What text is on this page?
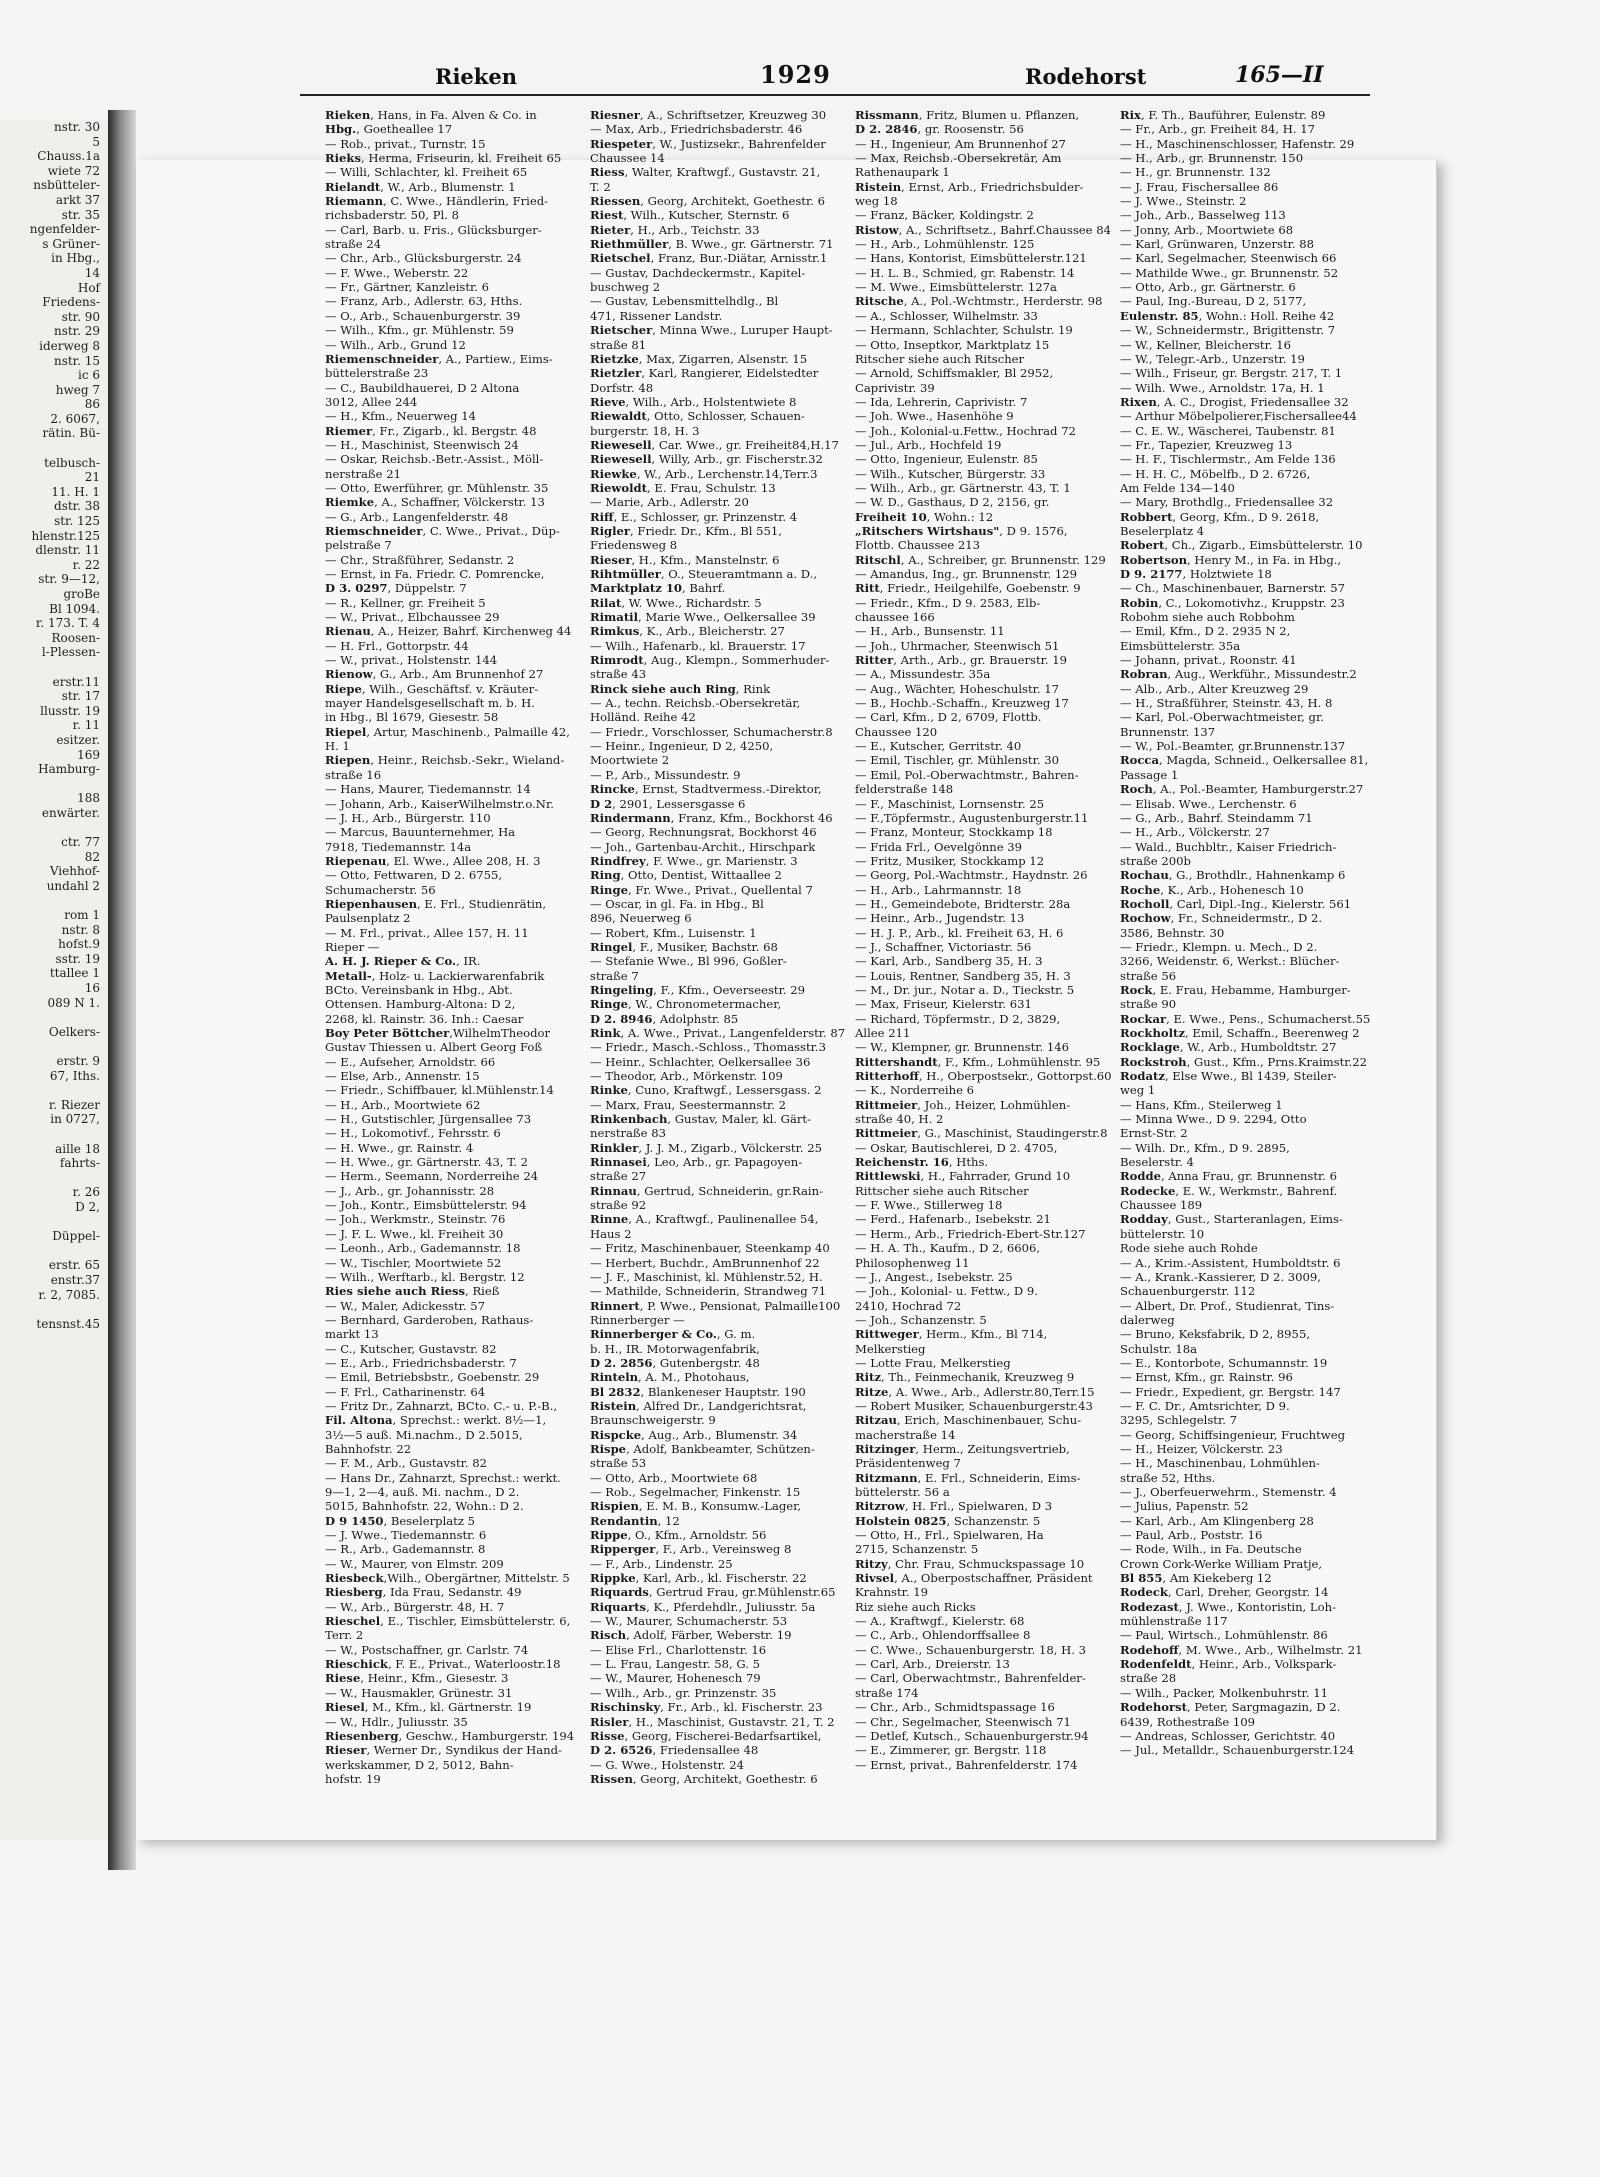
nstr. 30
5
Chauss.1a
wiete 72
nsbütteler-
arkt 37
str. 35
ngenfelder-
s Grüner-
in Hbg.,
14
Hof
Friedens-
str. 90
nstr. 29
iderweg 8
nstr. 15
ic 6
hweg 7
86
2. 6067,
rätin. Bü-

telbusch-
21
11. H. 1
dstr. 38
str. 125
hlenstr.125
dlenstr. 11
r. 22
str. 9—12,
groBe
Bl 1094.
r. 173. T. 4
Roosen-
l-Plessen-

erstr.11
str. 17
llusstr. 19
r. 11
esitzer.
169
Hamburg-

188
enwärter.

ctr. 77
82
Viehhof-
undahl 2

rom 1
nstr. 8
hofst.9
sstr. 19
ttallee 1
16
089 N 1.

Oelkers-

erstr. 9
67, Iths.

r. Riezer
in 0727,

aille 18
fahrts-

r. 26
D 2,

Düppel-

erstr. 65
enstr.37
r. 2, 7085.

tensnst.45
Rieken	1929	Rodehorst	165—II
Rieken, Hans, in Fa. Alven & Co. in
Hbg., Goetheallee 17
— Rob., privat., Turnstr. 15
Rieks, Herma, Friseurin, kl. Freiheit 65
— Willi, Schlachter, kl. Freiheit 65
Rielandt, W., Arb., Blumenstr. 1
Riemann, C. Wwe., Händlerin, Fried-
richsbaderstr. 50, Pl. 8
— Carl, Barb. u. Fris., Glücksburger-
straße 24
— Chr., Arb., Glücksburgerstr. 24
— F. Wwe., Weberstr. 22
— Fr., Gärtner, Kanzleistr. 6
— Franz, Arb., Adlerstr. 63, Hths.
— O., Arb., Schauenburgerstr. 39
— Wilh., Kfm., gr. Mühlenstr. 59
— Wilh., Arb., Grund 12
Riemenschneider, A., Partiew., Eims-
büttelerstraße 23
— C., Baubildhauerei, D 2 Altona
3012, Allee 244
— H., Kfm., Neuerweg 14
Riemer, Fr., Zigarb., kl. Bergstr. 48
— H., Maschinist, Steenwisch 24
— Oskar, Reichsb.-Betr.-Assist., Möll-
nerstraße 21
— Otto, Ewerführer, gr. Mühlenstr. 35
Riemke, A., Schaffner, Völckerstr. 13
— G., Arb., Langenfelderstr. 48
Riemschneider, C. Wwe., Privat., Düp-
pelstraße 7
— Chr., Straßführer, Sedanstr. 2
— Ernst, in Fa. Friedr. C. Pomrencke,
D 3. 0297, Düppelstr. 7
— R., Kellner, gr. Freiheit 5
— W., Privat., Elbchaussee 29
Rienau, A., Heizer, Bahrf. Kirchenweg 44
— H. Frl., Gottorpstr. 44
— W., privat., Holstenstr. 144
Rienow, G., Arb., Am Brunnenhof 27
Riepe, Wilh., Geschäftsf. v. Kräuter-
mayer Handelsgesellschaft m. b. H.
in Hbg., Bl 1679, Giesestr. 58
Riepel, Artur, Maschinenb., Palmaille 42,
H. 1
Riepen, Heinr., Reichsb.-Sekr., Wieland-
straße 16
— Hans, Maurer, Tiedemannstr. 14
— Johann, Arb., KaiserWilhelmstr.o.Nr.
— J. H., Arb., Bürgerstr. 110
— Marcus, Bauunternehmer, Ha
7918, Tiedemannstr. 14a
Riepenau, El. Wwe., Allee 208, H. 3
— Otto, Fettwaren, D 2. 6755,
Schumacherstr. 56
Riepenhausen, E. Frl., Studienrätin,
Paulsenplatz 2
— M. Frl., privat., Allee 157, H. 11
Rieper —
A. H. J. Rieper & Co., IR.
Metall-, Holz- u. Lackierwarenfabrik
BCto. Vereinsbank in Hbg., Abt.
Ottensen. Hamburg-Altona: D 2,
2268, kl. Rainstr. 36. Inh.: Caesar
Boy Peter Böttcher,WilhelmTheodor
Gustav Thiessen u. Albert Georg Foß
— E., Aufseher, Arnoldstr. 66
— Else, Arb., Annenstr. 15
— Friedr., Schiffbauer, kl.Mühlenstr.14
— H., Arb., Moortwiete 62
— H., Gutstischler, Jürgensallee 73
— H., Lokomotivf., Fehrsstr. 6
— H. Wwe., gr. Rainstr. 4
— H. Wwe., gr. Gärtnerstr. 43, T. 2
— Herm., Seemann, Norderreihe 24
— J., Arb., gr. Johannisstr. 28
— Joh., Kontr., Eimsbüttelerstr. 94
— Joh., Werkmstr., Steinstr. 76
— J. F. L. Wwe., kl. Freiheit 30
— Leonh., Arb., Gademannstr. 18
— W., Tischler, Moortwiete 52
— Wilh., Werftarb., kl. Bergstr. 12
Ries siehe auch Riess, Rieß
— W., Maler, Adickesstr. 57
— Bernhard, Garderoben, Rathaus-
markt 13
— C., Kutscher, Gustavstr. 82
— E., Arb., Friedrichsbaderstr. 7
— Emil, Betriebsbstr., Goebenstr. 29
— F. Frl., Catharinenstr. 64
— Fritz Dr., Zahnarzt, BCto. C.- u. P.-B.,
Fil. Altona, Sprechst.: werkt. 8½—1,
3½—5 auß. Mi.nachm., D 2.5015,
Bahnhofstr. 22
— F. M., Arb., Gustavstr. 82
— Hans Dr., Zahnarzt, Sprechst.: werkt.
9—1, 2—4, auß. Mi. nachm., D 2.
5015, Bahnhofstr. 22, Wohn.: D 2.
D 9 1450, Beselerplatz 5
— J. Wwe., Tiedemannstr. 6
— R., Arb., Gademannstr. 8
— W., Maurer, von Elmstr. 209
Riesbeck,Wilh., Obergärtner, Mittelstr. 5
Riesberg, Ida Frau, Sedanstr. 49
— W., Arb., Bürgerstr. 48, H. 7
Rieschel, E., Tischler, Eimsbüttelerstr. 6,
Terr. 2
— W., Postschaffner, gr. Carlstr. 74
Rieschick, F. E., Privat., Waterloostr.18
Riese, Heinr., Kfm., Giesestr. 3
— W., Hausmakler, Grünestr. 31
Riesel, M., Kfm., kl. Gärtnerstr. 19
— W., Hdlr., Juliusstr. 35
Riesenberg, Geschw., Hamburgerstr. 194
Rieser, Werner Dr., Syndikus der Hand-
werkskammer, D 2, 5012, Bahn-
hofstr. 19
Riesner, A., Schriftsetzer, Kreuzweg 30
— Max, Arb., Friedrichsbaderstr. 46
Riespeter, W., Justizsekr., Bahrenfelder
Chaussee 14
Riess, Walter, Kraftwgf., Gustavstr. 21,
T. 2
Riessen, Georg, Architekt, Goethestr. 6
Riest, Wilh., Kutscher, Sternstr. 6
Rieter, H., Arb., Teichstr. 33
Riethmüller, B. Wwe., gr. Gärtnerstr. 71
Rietschel, Franz, Bur.-Diätar, Arnisstr.1
— Gustav, Dachdeckermstr., Kapitel-
buschweg 2
— Gustav, Lebensmittelhdlg., Bl
471, Rissener Landstr.
Rietscher, Minna Wwe., Luruper Haupt-
straße 81
Rietzke, Max, Zigarren, Alsenstr. 15
Rietzler, Karl, Rangierer, Eidelstedter
Dorfstr. 48
Rieve, Wilh., Arb., Holstentwiete 8
Riewaldt, Otto, Schlosser, Schauen-
burgerstr. 18, H. 3
Riewesell, Car. Wwe., gr. Freiheit84,H.17
Riewesell, Willy, Arb., gr. Fischerstr.32
Riewke, W., Arb., Lerchenstr.14,Terr.3
Riewoldt, E. Frau, Schulstr. 13
— Marie, Arb., Adlerstr. 20
Riff, E., Schlosser, gr. Prinzenstr. 4
Rigler, Friedr. Dr., Kfm., Bl 551,
Friedensweg 8
Rieser, H., Kfm., Manstelnstr. 6
Rihtmüller, O., Steueramtmann a. D.,
Marktplatz 10, Bahrf.
Rilat, W. Wwe., Richardstr. 5
Rimatil, Marie Wwe., Oelkersallee 39
Rimkus, K., Arb., Bleicherstr. 27
— Wilh., Hafenarb., kl. Brauerstr. 17
Rimrodt, Aug., Klempn., Sommerhuder-
straße 43
Rinck siehe auch Ring, Rink
— A., techn. Reichsb.-Obersekretär,
Holländ. Reihe 42
— Friedr., Vorschlosser, Schumacherstr.8
— Heinr., Ingenieur, D 2, 4250,
Moortwiete 2
— P., Arb., Missundestr. 9
Rincke, Ernst, Stadtvermess.-Direktor,
D 2, 2901, Lessersgasse 6
Rindermann, Franz, Kfm., Bockhorst 46
— Georg, Rechnungsrat, Bockhorst 46
— Joh., Gartenbau-Archit., Hirschpark
Rindfrey, F. Wwe., gr. Marienstr. 3
Ring, Otto, Dentist, Wittaallee 2
Ringe, Fr. Wwe., Privat., Quellental 7
— Oscar, in gl. Fa. in Hbg., Bl
896, Neuerweg 6
— Robert, Kfm., Luisenstr. 1
Ringel, F., Musiker, Bachstr. 68
— Stefanie Wwe., Bl 996, Goßler-
straße 7
Ringeling, F., Kfm., Oeverseestr. 29
Ringe, W., Chronometermacher,
D 2. 8946, Adolphstr. 85
Rink, A. Wwe., Privat., Langenfelderstr. 87
— Friedr., Masch.-Schloss., Thomasstr.3
— Heinr., Schlachter, Oelkersallee 36
— Theodor, Arb., Mörkenstr. 109
Rinke, Cuno, Kraftwgf., Lessersgass. 2
— Marx, Frau, Seestermannstr. 2
Rinkenbach, Gustav, Maler, kl. Gärt-
nerstraße 83
Rinkler, J. J. M., Zigarb., Völckerstr. 25
Rinnasei, Leo, Arb., gr. Papagoyen-
straße 27
Rinnau, Gertrud, Schneiderin, gr.Rain-
straße 92
Rinne, A., Kraftwgf., Paulinenallee 54,
Haus 2
— Fritz, Maschinenbauer, Steenkamp 40
— Herbert, Buchdr., AmBrunnenhof 22
— J. F., Maschinist, kl. Mühlenstr.52, H.
— Mathilde, Schneiderin, Strandweg 71
Rinnert, P. Wwe., Pensionat, Palmaille100
Rinnerberger —
Rinnerberger & Co., G. m.
b. H., IR. Motorwagenfabrik,
D 2. 2856, Gutenbergstr. 48
Rinteln, A. M., Photohaus,
Bl 2832, Blankeneser Hauptstr. 190
Ristein, Alfred Dr., Landgerichtsrat,
Braunschweigerstr. 9
Rispcke, Aug., Arb., Blumenstr. 34
Rispe, Adolf, Bankbeamter, Schützen-
straße 53
— Otto, Arb., Moortwiete 68
— Rob., Segelmacher, Finkenstr. 15
Rispien, E. M. B., Konsumw.-Lager,
Rendantin, 12
Rippe, O., Kfm., Arnoldstr. 56
Ripperger, F., Arb., Vereinsweg 8
— F., Arb., Lindenstr. 25
Rippke, Karl, Arb., kl. Fischerstr. 22
Riquards, Gertrud Frau, gr.Mühlenstr.65
Riquarts, K., Pferdehdlr., Juliusstr. 5a
— W., Maurer, Schumacherstr. 53
Risch, Adolf, Färber, Weberstr. 19
— Elise Frl., Charlottenstr. 16
— L. Frau, Langestr. 58, G. 5
— W., Maurer, Hohenesch 79
— Wilh., Arb., gr. Prinzenstr. 35
Rischinsky, Fr., Arb., kl. Fischerstr. 23
Risler, H., Maschinist, Gustavstr. 21, T. 2
Risse, Georg, Fischerei-Bedarfsartikel,
D 2. 6526, Friedensallee 48
— G. Wwe., Holstenstr. 24
Rissen, Georg, Architekt, Goethestr. 6
Rissmann, Fritz, Blumen u. Pflanzen,
D 2. 2846, gr. Roosenstr. 56
— H., Ingenieur, Am Brunnenhof 27
— Max, Reichsb.-Obersekretär, Am
Rathenaupark 1
Ristein, Ernst, Arb., Friedrichsbulder-
weg 18
— Franz, Bäcker, Koldingstr. 2
Ristow, A., Schriftsetz., Bahrf.Chaussee 84
— H., Arb., Lohmühlenstr. 125
— Hans, Kontorist, Eimsbüttelerstr.121
— H. L. B., Schmied, gr. Rabenstr. 14
— M. Wwe., Eimsbüttelerstr. 127a
Ritsche, A., Pol.-Wchtmstr., Herderstr. 98
— A., Schlosser, Wilhelmstr. 33
— Hermann, Schlachter, Schulstr. 19
— Otto, Inseptkor, Marktplatz 15
Ritscher siehe auch Ritscher
— Arnold, Schiffsmakler, Bl 2952,
Caprivistr. 39
— Ida, Lehrerin, Caprivistr. 7
— Joh. Wwe., Hasenhöhe 9
— Joh., Kolonial-u.Fettw., Hochrad 72
— Jul., Arb., Hochfeld 19
— Otto, Ingenieur, Eulenstr. 85
— Wilh., Kutscher, Bürgerstr. 33
— Wilh., Arb., gr. Gärtnerstr. 43, T. 1
— W. D., Gasthaus, D 2, 2156, gr.
Freiheit 10, Wohn.: 12
„Ritschers Wirtshaus", D 9. 1576,
Flottb. Chaussee 213
Ritschl, A., Schreiber, gr. Brunnenstr. 129
— Amandus, Ing., gr. Brunnenstr. 129
Ritt, Friedr., Heilgehilfe, Goebenstr. 9
— Friedr., Kfm., D 9. 2583, Elb-
chaussee 166
— H., Arb., Bunsenstr. 11
— Joh., Uhrmacher, Steenwisch 51
Ritter, Arth., Arb., gr. Brauerstr. 19
— A., Missundestr. 35a
— Aug., Wächter, Hoheschulstr. 17
— B., Hochb.-Schaffn., Kreuzweg 17
— Carl, Kfm., D 2, 6709, Flottb.
Chaussee 120
— E., Kutscher, Gerritstr. 40
— Emil, Tischler, gr. Mühlenstr. 30
— Emil, Pol.-Oberwachtmstr., Bahren-
felderstraße 148
— F., Maschinist, Lornsenstr. 25
— F.,Töpfermstr., Augustenburgerstr.11
— Franz, Monteur, Stockkamp 18
— Frida Frl., Oevelgönne 39
— Fritz, Musiker, Stockkamp 12
— Georg, Pol.-Wachtmstr., Haydnstr. 26
— H., Arb., Lahrmannstr. 18
— H., Gemeindebote, Bridterstr. 28a
— Heinr., Arb., Jugendstr. 13
— H. J. P., Arb., kl. Freiheit 63, H. 6
— J., Schaffner, Victoriastr. 56
— Karl, Arb., Sandberg 35, H. 3
— Louis, Rentner, Sandberg 35, H. 3
— M., Dr. jur., Notar a. D., Tieckstr. 5
— Max, Friseur, Kielerstr. 631
— Richard, Töpfermstr., D 2, 3829,
Allee 211
— W., Klempner, gr. Brunnenstr. 146
Rittershandt, F., Kfm., Lohmühlenstr. 95
Ritterhoff, H., Oberpostsekr., Gottorpst.60
— K., Norderreihe 6
Rittmeier, Joh., Heizer, Lohmühlen-
straße 40, H. 2
Rittmeier, G., Maschinist, Staudingerstr.8
— Oskar, Bautischlerei, D 2. 4705,
Reichenstr. 16, Hths.
Rittlewski, H., Fahrrader, Grund 10
Rittscher siehe auch Ritscher
— F. Wwe., Stillerweg 18
— Ferd., Hafenarb., Isebekstr. 21
— Herm., Arb., Friedrich-Ebert-Str.127
— H. A. Th., Kaufm., D 2, 6606,
Philosophenweg 11
— J., Angest., Isebekstr. 25
— Joh., Kolonial- u. Fettw., D 9.
2410, Hochrad 72
— Joh., Schanzenstr. 5
Rittweger, Herm., Kfm., Bl 714,
Melkerstieg
— Lotte Frau, Melkerstieg
Ritz, Th., Feinmechanik, Kreuzweg 9
Ritze, A. Wwe., Arb., Adlerstr.80,Terr.15
— Robert Musiker, Schauenburgerstr.43
Ritzau, Erich, Maschinenbauer, Schu-
macherstraße 14
Ritzinger, Herm., Zeitungsvertrieb,
Präsidentenweg 7
Ritzmann, E. Frl., Schneiderin, Eims-
büttelerstr. 56 a
Ritzrow, H. Frl., Spielwaren, D 3
Holstein 0825, Schanzenstr. 5
— Otto, H., Frl., Spielwaren, Ha
2715, Schanzenstr. 5
Ritzy, Chr. Frau, Schmuckspassage 10
Rivsel, A., Oberpostschaffner, Präsident
Krahnstr. 19
Riz siehe auch Ricks
— A., Kraftwgf., Kielerstr. 68
— C., Arb., Ohlendorffsallee 8
— C. Wwe., Schauenburgerstr. 18, H. 3
— Carl, Arb., Dreierstr. 13
— Carl, Oberwachtmstr., Bahrenfelder-
straße 174
— Chr., Arb., Schmidtspassage 16
— Chr., Segelmacher, Steenwisch 71
— Detlef, Kutsch., Schauenburgerstr.94
— E., Zimmerer, gr. Bergstr. 118
— Ernst, privat., Bahrenfelderstr. 174
Rix, F. Th., Bauführer, Eulenstr. 89
— Fr., Arb., gr. Freiheit 84, H. 17
— H., Maschinenschlosser, Hafenstr. 29
— H., Arb., gr. Brunnenstr. 150
— H., gr. Brunnenstr. 132
— J. Frau, Fischersallee 86
— J. Wwe., Steinstr. 2
— Joh., Arb., Basselweg 113
— Jonny, Arb., Moortwiete 68
— Karl, Grünwaren, Unzerstr. 88
— Karl, Segelmacher, Steenwisch 66
— Mathilde Wwe., gr. Brunnenstr. 52
— Otto, Arb., gr. Gärtnerstr. 6
— Paul, Ing.-Bureau, D 2, 5177,
Eulenstr. 85, Wohn.: Holl. Reihe 42
— W., Schneidermstr., Brigittenstr. 7
— W., Kellner, Bleicherstr. 16
— W., Telegr.-Arb., Unzerstr. 19
— Wilh., Friseur, gr. Bergstr. 217, T. 1
— Wilh. Wwe., Arnoldstr. 17a, H. 1
Rixen, A. C., Drogist, Friedensallee 32
— Arthur Möbelpolierer,Fischersallee44
— C. E. W., Wäscherei, Taubenstr. 81
— Fr., Tapezier, Kreuzweg 13
— H. F., Tischlermstr., Am Felde 136
— H. H. C., Möbelfb., D 2. 6726,
Am Felde 134—140
— Mary, Brothdlg., Friedensallee 32
Robbert, Georg, Kfm., D 9. 2618,
Beselerplatz 4
Robert, Ch., Zigarb., Eimsbüttelerstr. 10
Robertson, Henry M., in Fa. in Hbg.,
D 9. 2177, Holztwiete 18
— Ch., Maschinenbauer, Barnerstr. 57
Robin, C., Lokomotivhz., Kruppstr. 23
Robohm siehe auch Robbohm
— Emil, Kfm., D 2. 2935 N 2,
Eimsbüttelerstr. 35a
— Johann, privat., Roonstr. 41
Robran, Aug., Werkführ., Missundestr.2
— Alb., Arb., Alter Kreuzweg 29
— H., Straßführer, Steinstr. 43, H. 8
— Karl, Pol.-Oberwachtmeister, gr.
Brunnenstr. 137
— W., Pol.-Beamter, gr.Brunnenstr.137
Rocca, Magda, Schneid., Oelkersallee 81,
Passage 1
Roch, A., Pol.-Beamter, Hamburgerstr.27
— Elisab. Wwe., Lerchenstr. 6
— G., Arb., Bahrf. Steindamm 71
— H., Arb., Völckerstr. 27
— Wald., Buchbltr., Kaiser Friedrich-
straße 200b
Rochau, G., Brothdlr., Hahnenkamp 6
Roche, K., Arb., Hohenesch 10
Rocholl, Carl, Dipl.-Ing., Kielerstr. 561
Rochow, Fr., Schneidermstr., D 2.
3586, Behnstr. 30
— Friedr., Klempn. u. Mech., D 2.
3266, Weidenstr. 6, Werkst.: Blücher-
straße 56
Rock, E. Frau, Hebamme, Hamburger-
straße 90
Rockar, E. Wwe., Pens., Schumacherst.55
Rockholtz, Emil, Schaffn., Beerenweg 2
Rocklage, W., Arb., Humboldtstr. 27
Rockstroh, Gust., Kfm., Prns.Kraimstr.22
Rodatz, Else Wwe., Bl 1439, Steiler-
weg 1
— Hans, Kfm., Steilerweg 1
— Minna Wwe., D 9. 2294, Otto
Ernst-Str. 2
— Wilh. Dr., Kfm., D 9. 2895,
Beselerstr. 4
Rodde, Anna Frau, gr. Brunnenstr. 6
Rodecke, E. W., Werkmstr., Bahrenf.
Chaussee 189
Rodday, Gust., Starteranlagen, Eims-
büttelerstr. 10
Rode siehe auch Rohde
— A., Krim.-Assistent, Humboldtstr. 6
— A., Krank.-Kassierer, D 2. 3009,
Schauenburgerstr. 112
— Albert, Dr. Prof., Studienrat, Tins-
dalerweg
— Bruno, Keksfabrik, D 2, 8955,
Schulstr. 18a
— E., Kontorbote, Schumannstr. 19
— Ernst, Kfm., gr. Rainstr. 96
— Friedr., Expedient, gr. Bergstr. 147
— F. C. Dr., Amtsrichter, D 9.
3295, Schlegelstr. 7
— Georg, Schiffsingenieur, Fruchtweg
— H., Heizer, Völckerstr. 23
— H., Maschinenbau, Lohmühlen-
straße 52, Hths.
— J., Oberfeuerwehrm., Stemenstr. 4
— Julius, Papenstr. 52
— Karl, Arb., Am Klingenberg 28
— Paul, Arb., Poststr. 16
— Rode, Wilh., in Fa. Deutsche
Crown Cork-Werke William Pratje,
Bl 855, Am Kiekeberg 12
Rodeck, Carl, Dreher, Georgstr. 14
Rodezast, J. Wwe., Kontoristin, Loh-
mühlenstraße 117
— Paul, Wirtsch., Lohmühlenstr. 86
Rodehoff, M. Wwe., Arb., Wilhelmstr. 21
Rodenfeldt, Heinr., Arb., Volkspark-
straße 28
— Wilh., Packer, Molkenbuhrstr. 11
Rodehorst, Peter, Sargmagazin, D 2.
6439, Rothestraße 109
— Andreas, Schlosser, Gerichtstr. 40
— Jul., Metalldr., Schauenburgerstr.124
